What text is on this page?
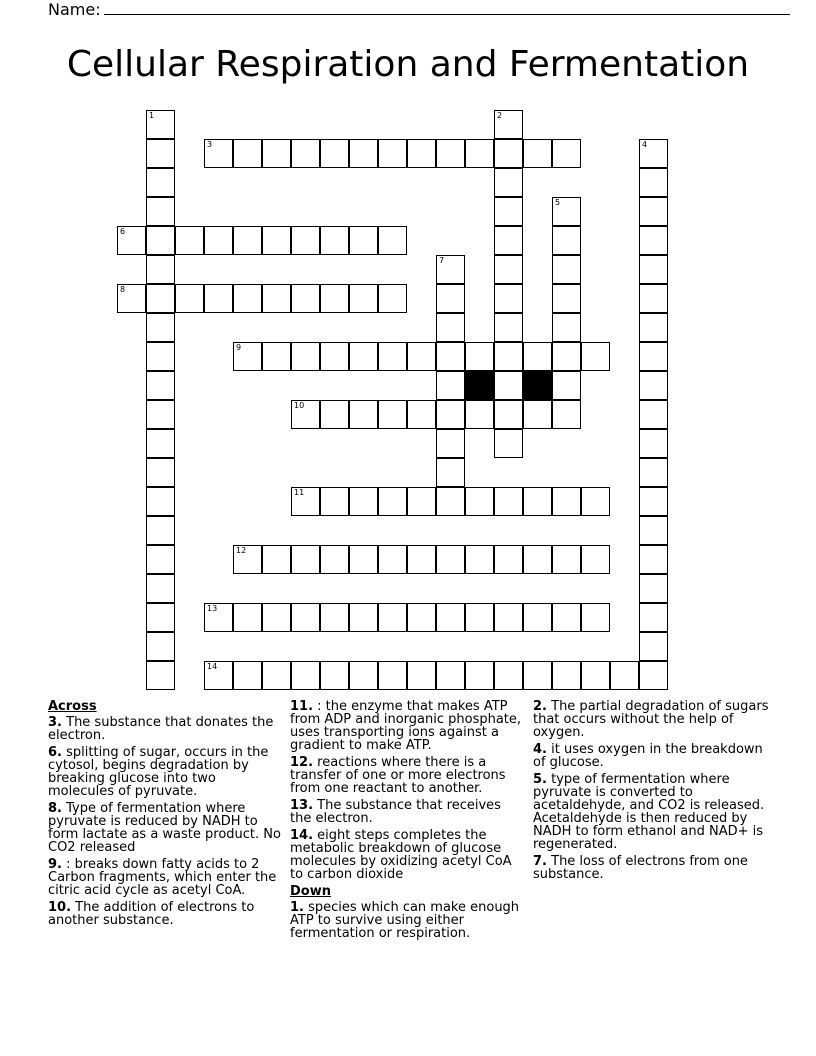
Name:
Cellular Respiration and Fermentation
1	2
3	4
5
6
7
8
9
10
11
12
13
14
Across
3. The substance that donates the electron.
6. splitting of sugar, occurs in the cytosol, begins degradation by breaking glucose into two molecules of pyruvate.
8. Type of fermentation where pyruvate is reduced by NADH to form lactate as a waste product. No CO2 released
9. : breaks down fatty acids to 2 Carbon fragments, which enter the citric acid cycle as acetyl CoA.
10. The addition of electrons to another substance.
11. : the enzyme that makes ATP from ADP and inorganic phosphate, uses transporting ions against a gradient to make ATP.
12. reactions where there is a transfer of one or more electrons from one reactant to another.
13. The substance that receives the electron.
14. eight steps completes the metabolic breakdown of glucose molecules by oxidizing acetyl CoA to carbon dioxide
Down
1. species which can make enough ATP to survive using either fermentation or respiration.
2. The partial degradation of sugars that occurs without the help of oxygen.
4. it uses oxygen in the breakdown of glucose.
5. type of fermentation where pyruvate is converted to acetaldehyde, and CO2 is released. Acetaldehyde is then reduced by NADH to form ethanol and NAD+ is regenerated.
7. The loss of electrons from one substance.
